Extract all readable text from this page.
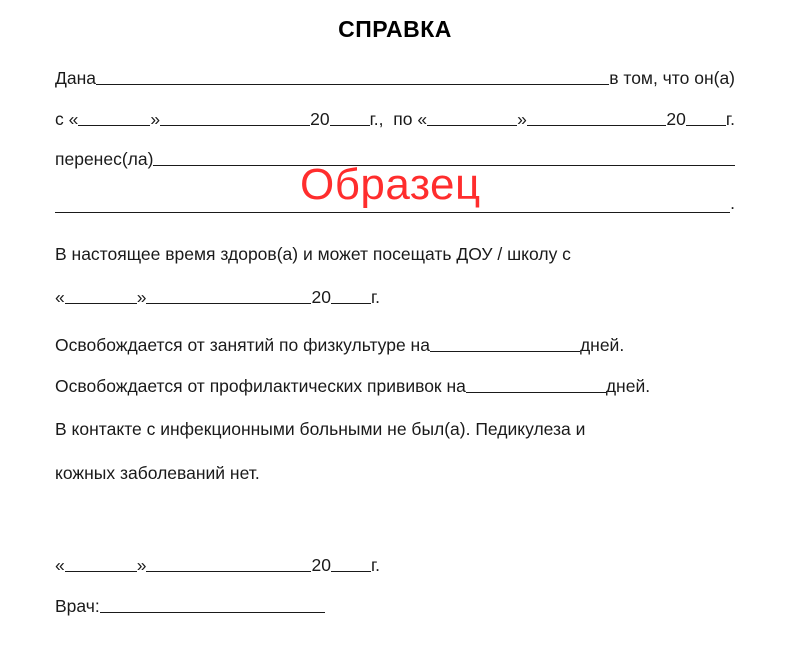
СПРАВКА
Дана	в том, что он(а)
с «	»	20 г.,
по «	»	20 г.
перенес(ла)
.
В настоящее время здоров(а) и может посещать ДОУ / школу с
«	»	20 г.
Освобождается от занятий по физкультуре на	дней.
Освобождается от профилактических прививок на	дней.
В контакте с инфекционными больными не был(а). Педикулеза и
кожных заболеваний нет.
«	»	20 г.
Врач:
Образец
